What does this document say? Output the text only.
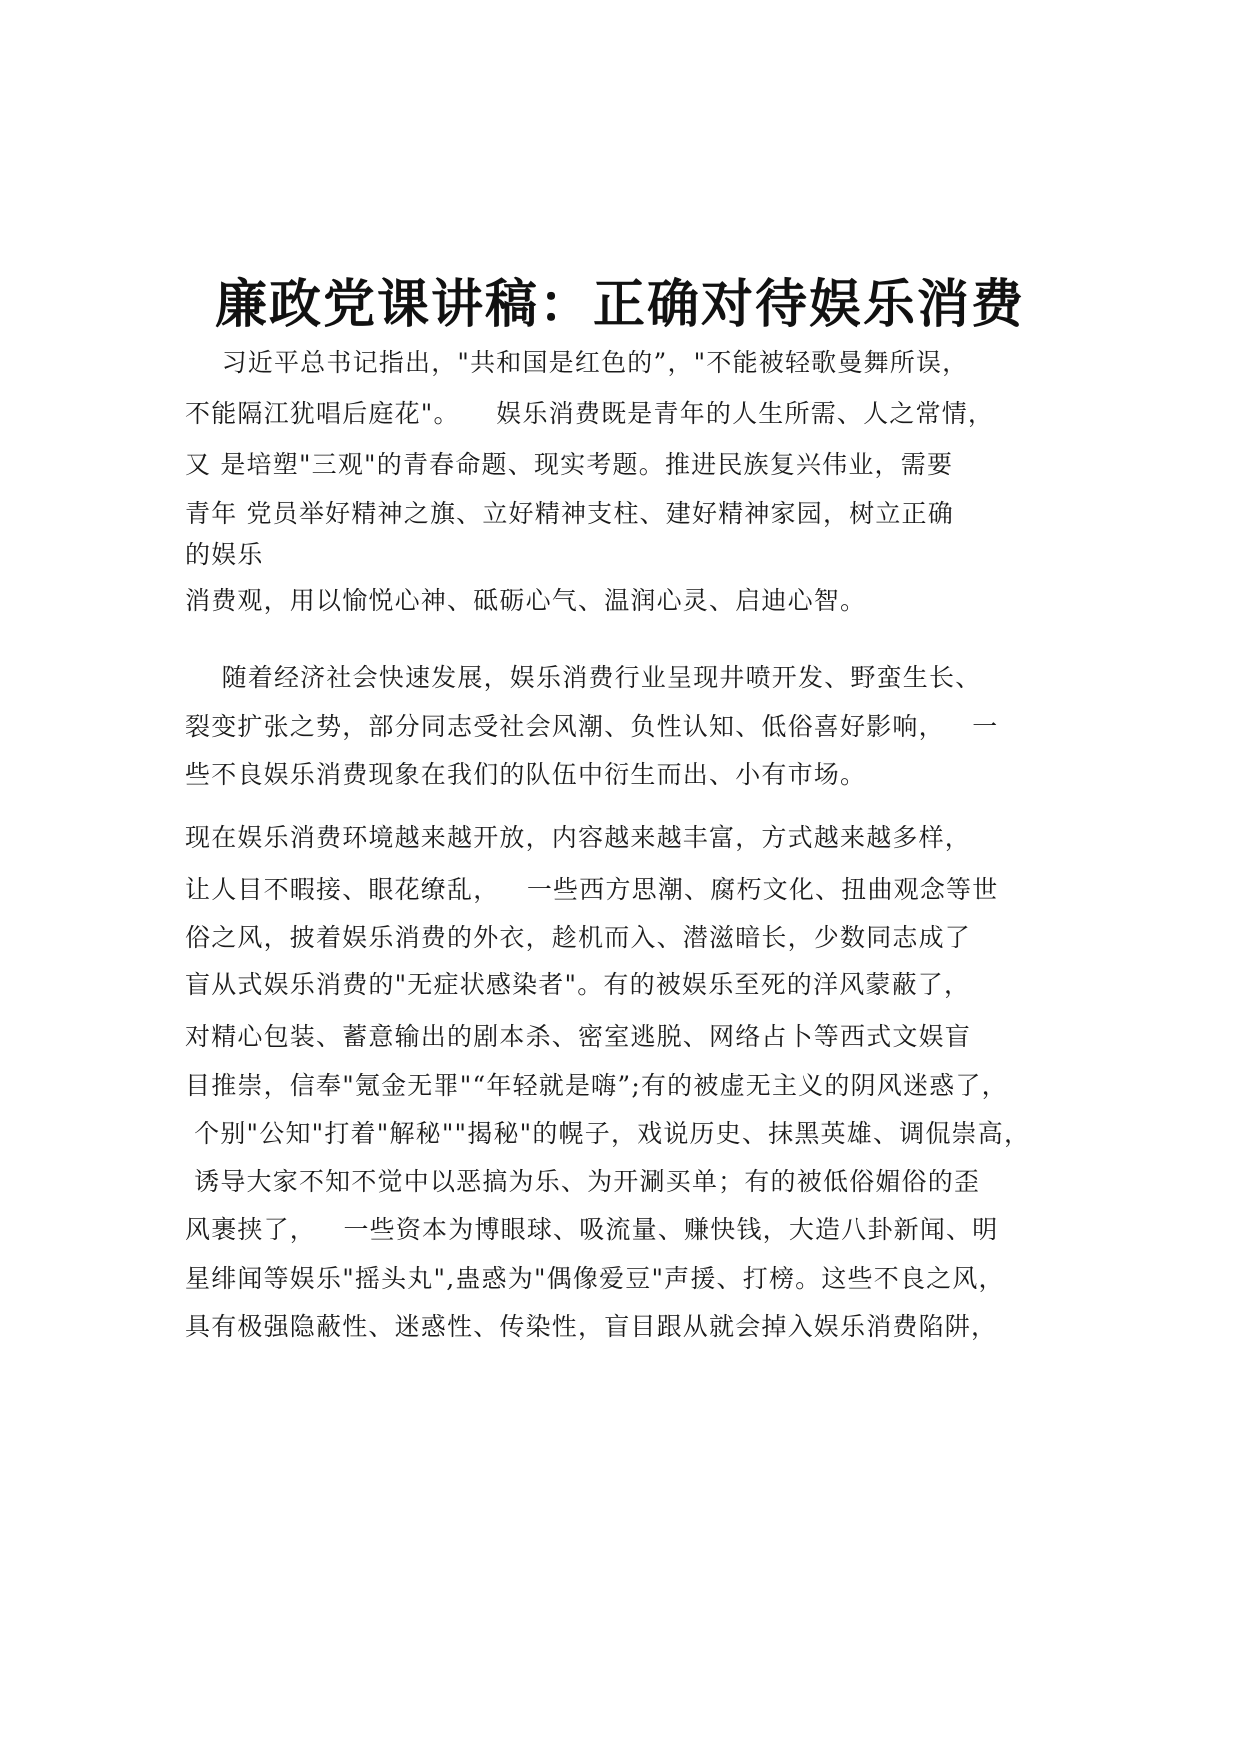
廉政党课讲稿：正确对待娱乐消费
习近平总书记指出，"共和国是红色的”，"不能被轻歌曼舞所误，
不能隔江犹唱后庭花"。    娱乐消费既是青年的人生所需、人之常情，
又 是培塑"三观"的青春命题、现实考题。推进民族复兴伟业，需要
青年 党员举好精神之旗、立好精神支柱、建好精神家园，树立正确
的娱乐
消费观，用以愉悦心神、砥砺心气、温润心灵、启迪心智。
随着经济社会快速发展，娱乐消费行业呈现井喷开发、野蛮生长、
裂变扩张之势，部分同志受社会风潮、负性认知、低俗喜好影响，   一
些不良娱乐消费现象在我们的队伍中衍生而出、小有市场。
现在娱乐消费环境越来越开放，内容越来越丰富，方式越来越多样，
让人目不暇接、眼花缭乱，   一些西方思潮、腐朽文化、扭曲观念等世
俗之风，披着娱乐消费的外衣，趁机而入、潜滋暗长，少数同志成了
盲从式娱乐消费的"无症状感染者"。有的被娱乐至死的洋风蒙蔽了，
对精心包装、蓄意输出的剧本杀、密室逃脱、网络占卜等西式文娱盲
目推崇，信奉"氪金无罪"“年轻就是嗨”;有的被虚无主义的阴风迷惑了，
个别"公知"打着"解秘""揭秘"的幌子，戏说历史、抹黑英雄、调侃崇高，
诱导大家不知不觉中以恶搞为乐、为开涮买单；有的被低俗媚俗的歪
风裹挟了，   一些资本为博眼球、吸流量、赚快钱，大造八卦新闻、明
星绯闻等娱乐"摇头丸",蛊惑为"偶像爱豆"声援、打榜。这些不良之风，
具有极强隐蔽性、迷惑性、传染性，盲目跟从就会掉入娱乐消费陷阱，
